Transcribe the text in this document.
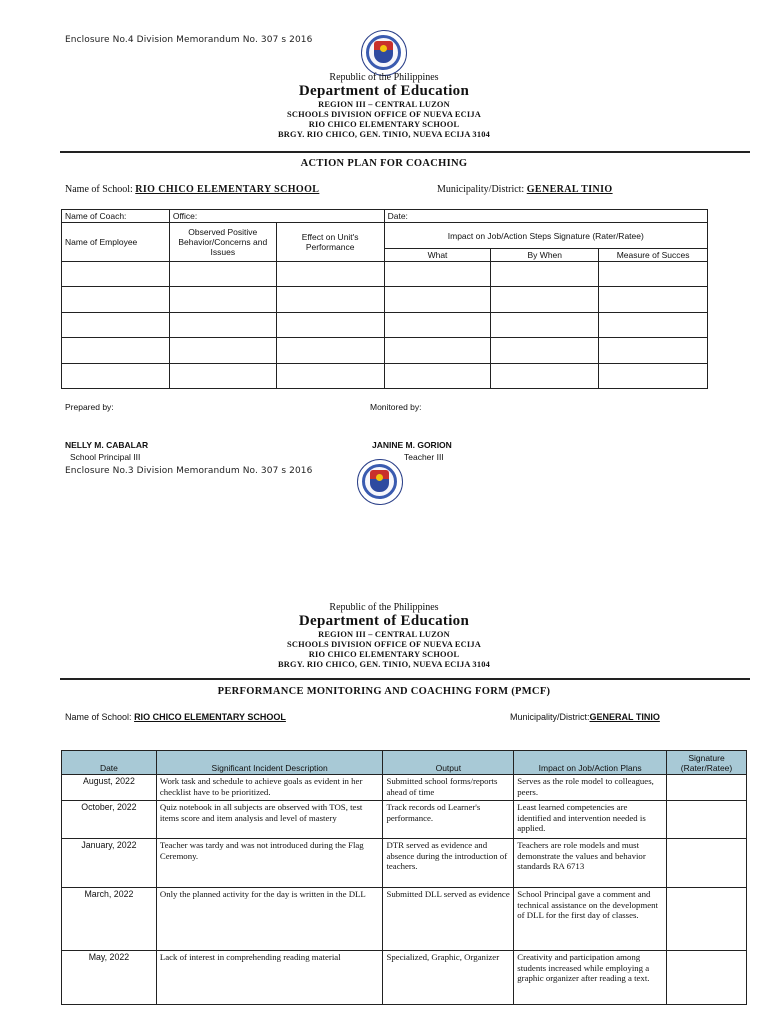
Enclosure No.4 Division Memorandum No. 307 s 2016
Republic of the Philippines
Department of Education
REGION III – CENTRAL LUZON
SCHOOLS DIVISION OFFICE OF NUEVA ECIJA
RIO CHICO ELEMENTARY SCHOOL
BRGY. RIO CHICO, GEN. TINIO, NUEVA ECIJA 3104
ACTION PLAN FOR COACHING
Name of School: RIO CHICO ELEMENTARY SCHOOL	Municipality/District: GENERAL TINIO
Name of Coach:	Office:		Date:		
Name of Employee	Observed Positive Behavior/Concerns and Issues	Effect on Unit's Performance	Impact on Job/Action Steps Signature (Rater/Ratee)		
			What	By When	Measure of Succes

Prepared by:	Monitored by:
NELLY M. CABALAR
School Principal III
JANINE M. GORION
Teacher III
Enclosure No.3 Division Memorandum No. 307 s 2016
Republic of the Philippines
Department of Education
REGION III – CENTRAL LUZON
SCHOOLS DIVISION OFFICE OF NUEVA ECIJA
RIO CHICO ELEMENTARY SCHOOL
BRGY. RIO CHICO, GEN. TINIO, NUEVA ECIJA 3104
PERFORMANCE MONITORING AND COACHING FORM (PMCF)
Name of School: RIO CHICO ELEMENTARY SCHOOL	Municipality/District:GENERAL TINIO
Date	Significant Incident Description	Output	Impact on Job/Action Plans	Signature (Rater/Ratee)
August, 2022	Work task and schedule to achieve goals as evident in her checklist have to be prioritized.	Submitted school forms/reports ahead of time	Serves as the role model to colleagues, peers.	
October, 2022	Quiz notebook in all subjects are observed with TOS, test items score and item analysis and level of mastery	Track records od Learner's performance.	Least learned competencies are identified and intervention needed is applied.	
January, 2022	Teacher was tardy and was not introduced during the Flag Ceremony.	DTR served as evidence and absence during the introduction of teachers.	Teachers are role models and must demonstrate the values and behavior standards RA 6713	
March, 2022	Only the planned activity for the day is written in the DLL	Submitted DLL served as evidence	School Principal gave a comment and technical assistance on the development of DLL for the first day of classes.	
May, 2022	Lack of interest in comprehending reading material	Specialized, Graphic, Organizer	Creativity and participation among students increased while employing a graphic organizer after reading a text.	
